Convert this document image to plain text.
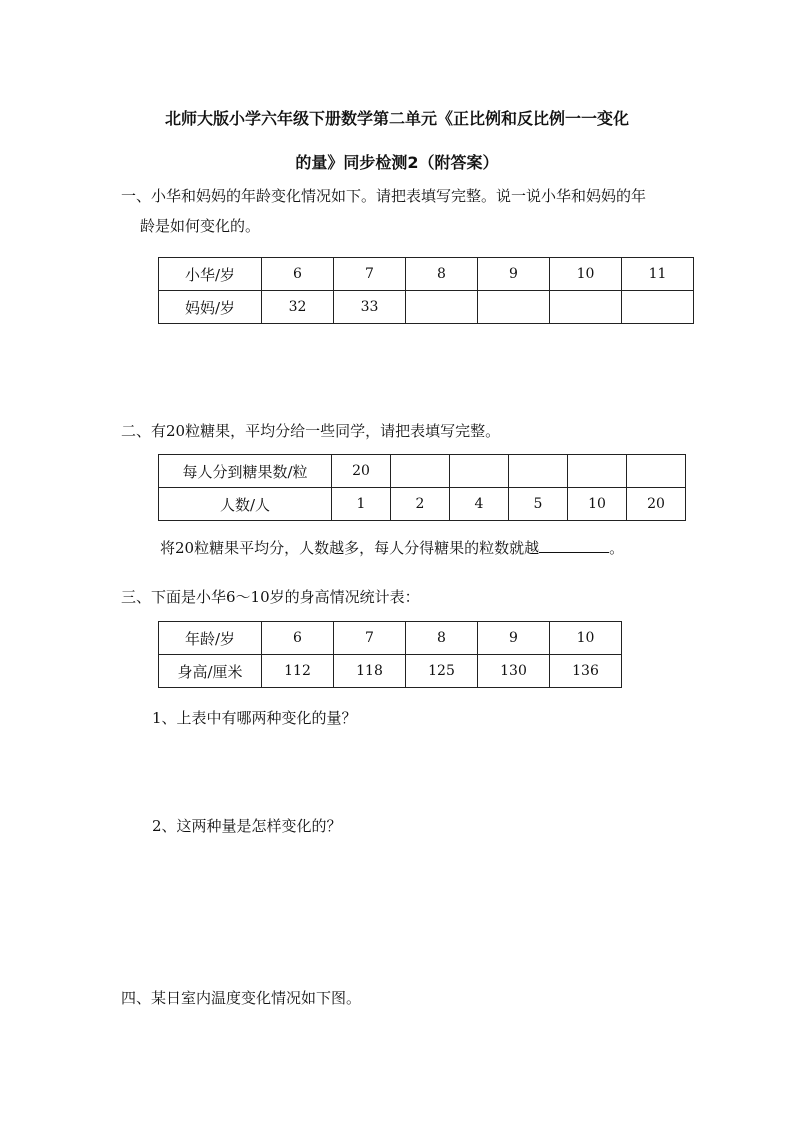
北师大版小学六年级下册数学第二单元《正比例和反比例一一变化
的量》同步检测2（附答案）
一、小华和妈妈的年龄变化情况如下。请把表填写完整。说一说小华和妈妈的年
龄是如何变化的。
小华/岁	6	7	8	9	10	11
妈妈/岁	32	33				
二、有20粒糖果，平均分给一些同学，请把表填写完整。
每人分到糖果数/粒	20					
人数/人	1	2	4	5	10	20
将20粒糖果平均分，人数越多，每人分得糖果的粒数就越	。
三、下面是小华6～10岁的身高情况统计表：
年龄/岁	6	7	8	9	10
身高/厘米	112	118	125	130	136
1、上表中有哪两种变化的量？
2、这两种量是怎样变化的？
四、某日室内温度变化情况如下图。
